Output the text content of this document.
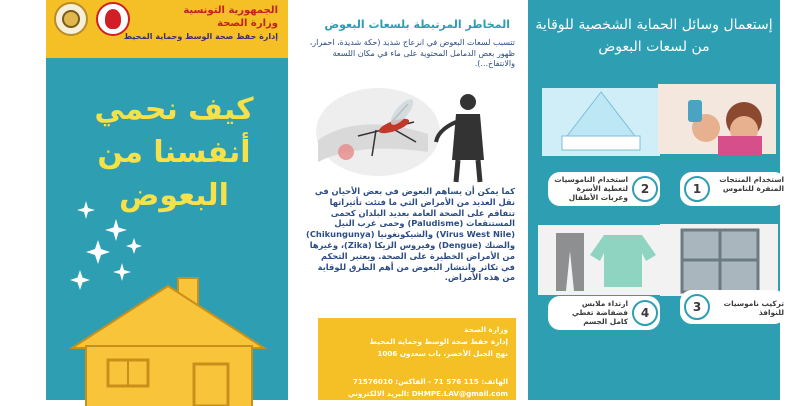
الجمهورية التونسية
وزارة الصحة
إدارة حفظ صحة الوسط وحماية المحيط
كيف نحمي أنفسنا من البعوض
المخاطر المرتبطة بلسعات البعوض
تتسبب لسعات البعوض في انزعاج شديد (حكة شديدة، احمرار، ظهور بعض الدمامل المحتوية على ماء في مكان اللسعة والانتفاخ...).
كما يمكن أن يساهم البعوض في بعض الأحيان في نقل العديد من الأمراض التي ما فتئت تأثيراتها تتفاقم على الصحة العامة بعديد البلدان كحمى المستنقعات (Paludisme) وحمى غرب النيل (Virus West Nile) والشيكونغونيا (Chikungunya) والضنك (Dengue) وفيروس الزيكا (Zika)، وغيرها من الأمراض الخطيرة على الصحة. ويعتبر التحكم في تكاثر وانتشار البعوض من أهم الطرق للوقاية من هذه الأمراض.
وزارة الصحة
إدارة حفظ صحة الوسط وحماية المحيط
نهج الجبل الأخضر، باب سعدون 1006
الهاتف: 115 576 71 - الفاكس: 71576010
البريد الالكتروني: DHMPE.LAV@gmail.com
إستعمال وسائل الحماية الشخصية للوقاية من لسعات البعوض
1
استخدام المنتجات المنفرة للناموس
2
استخدام الناموسيات لتغطية الأسرة وعربات الأطفال
3	تركيب ناموسيات للنوافذ
4
ارتداء ملابس فضفاضة تغطي كامل الجسم
